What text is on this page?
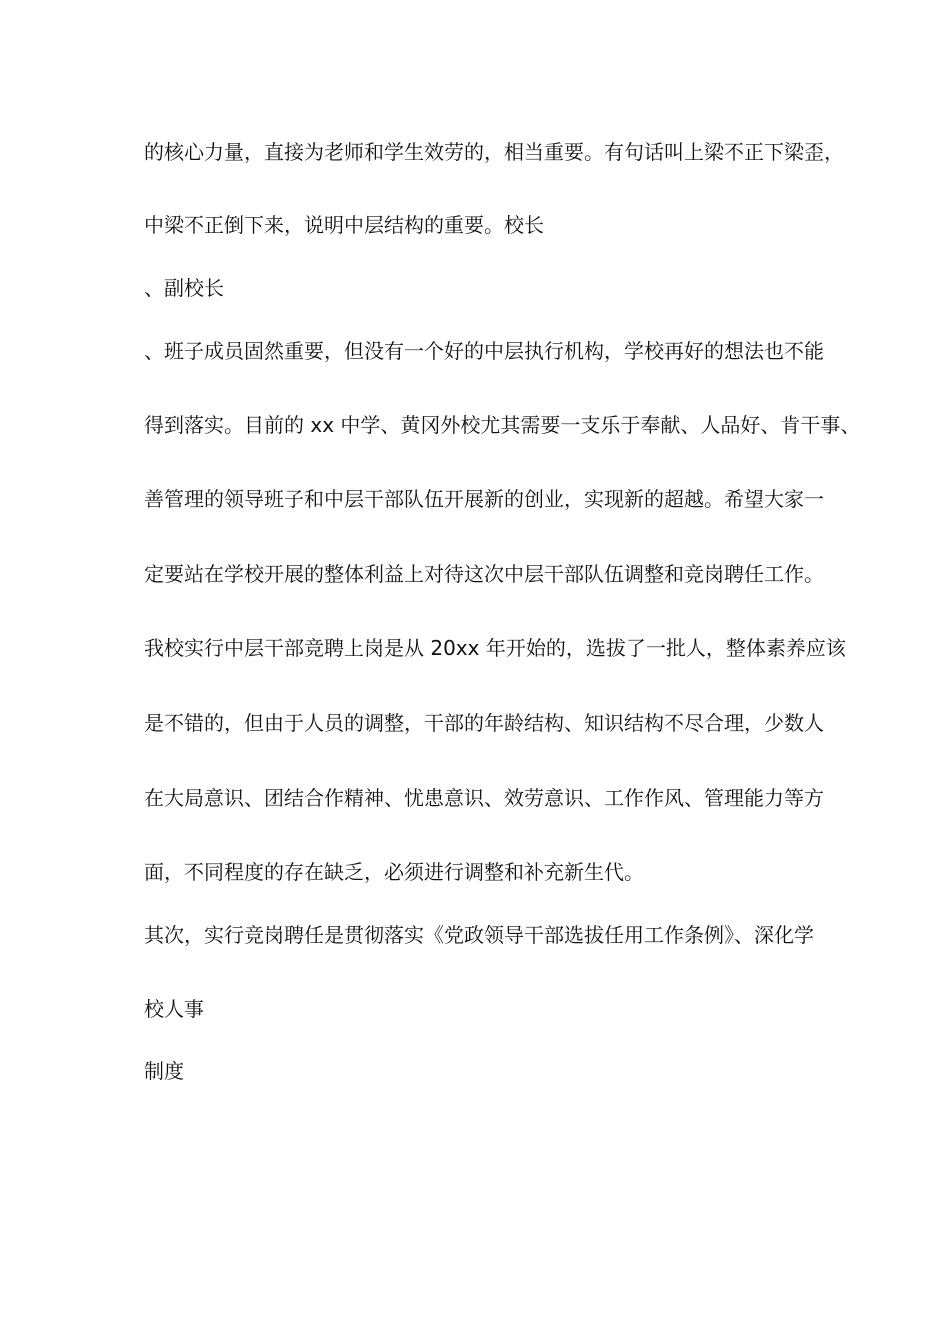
的核心力量，直接为老师和学生效劳的，相当重要。有句话叫上梁不正下梁歪，

中梁不正倒下来，说明中层结构的重要。校长

、副校长

、班子成员固然重要，但没有一个好的中层执行机构，学校再好的想法也不能

得到落实。目前的 xx 中学、黄冈外校尤其需要一支乐于奉献、人品好、肯干事、

善管理的领导班子和中层干部队伍开展新的创业，实现新的超越。希望大家一

定要站在学校开展的整体利益上对待这次中层干部队伍调整和竞岗聘任工作。

我校实行中层干部竞聘上岗是从 20xx 年开始的，选拔了一批人，整体素养应该

是不错的，但由于人员的调整，干部的年龄结构、知识结构不尽合理，少数人

在大局意识、团结合作精神、忧患意识、效劳意识、工作作风、管理能力等方

面，不同程度的存在缺乏，必须进行调整和补充新生代。

其次，实行竞岗聘任是贯彻落实《党政领导干部选拔任用工作条例》、深化学

校人事

制度
